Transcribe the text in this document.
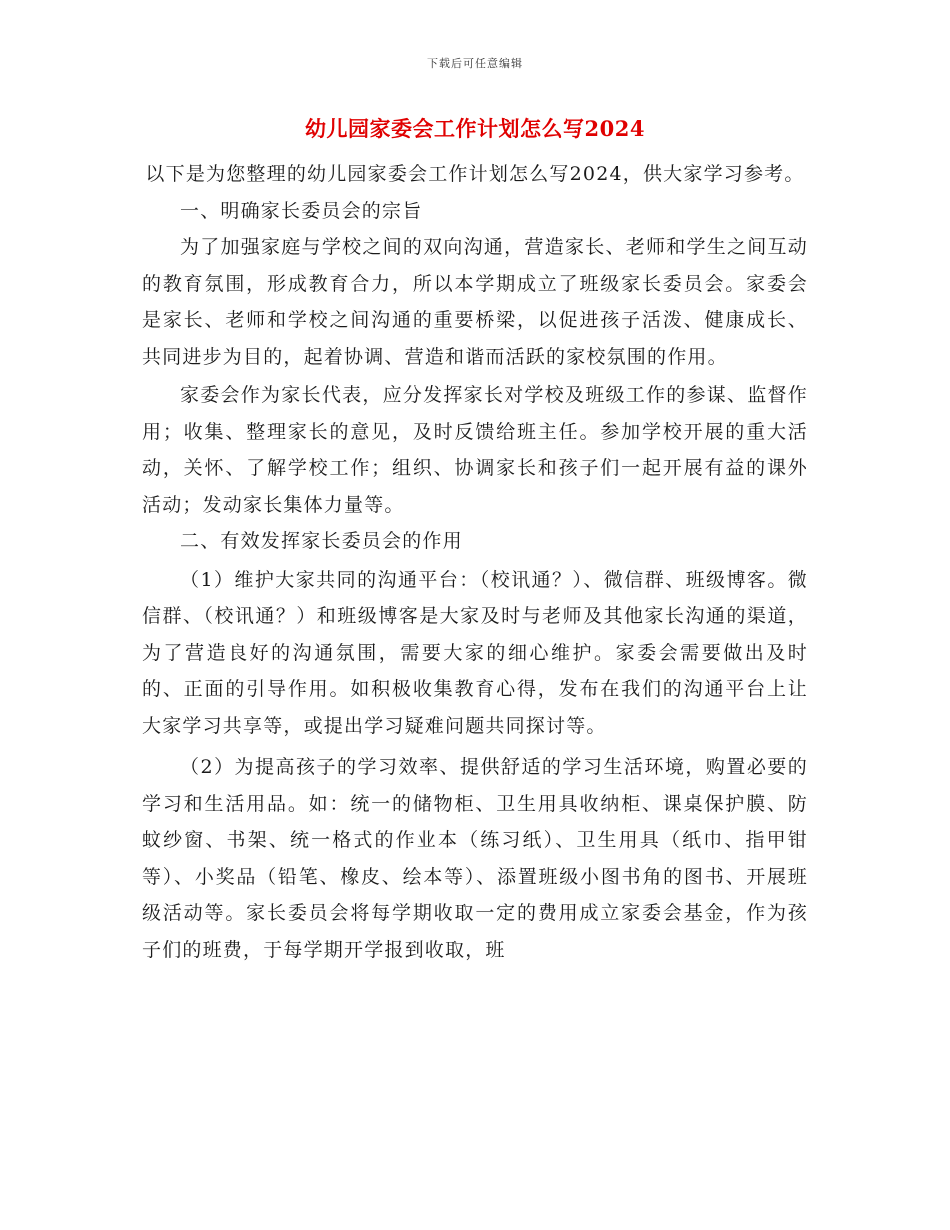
下载后可任意编辑
幼儿园家委会工作计划怎么写2024

以下是为您整理的幼儿园家委会工作计划怎么写2024，供大家学习参考。

一、明确家长委员会的宗旨

为了加强家庭与学校之间的双向沟通，营造家长、老师和学生之间互动的教育氛围，形成教育合力，所以本学期成立了班级家长委员会。家委会是家长、老师和学校之间沟通的重要桥梁，以促进孩子活泼、健康成长、共同进步为目的，起着协调、营造和谐而活跃的家校氛围的作用。

家委会作为家长代表，应分发挥家长对学校及班级工作的参谋、监督作用；收集、整理家长的意见，及时反馈给班主任。参加学校开展的重大活动，关怀、了解学校工作；组织、协调家长和孩子们一起开展有益的课外活动；发动家长集体力量等。

二、有效发挥家长委员会的作用

（1）维护大家共同的沟通平台：（校讯通？）、微信群、班级博客。微信群、（校讯通？）和班级博客是大家及时与老师及其他家长沟通的渠道，为了营造良好的沟通氛围，需要大家的细心维护。家委会需要做出及时的、正面的引导作用。如积极收集教育心得，发布在我们的沟通平台上让大家学习共享等，或提出学习疑难问题共同探讨等。

（2）为提高孩子的学习效率、提供舒适的学习生活环境，购置必要的学习和生活用品。如：统一的储物柜、卫生用具收纳柜、课桌保护膜、防蚊纱窗、书架、统一格式的作业本（练习纸）、卫生用具（纸巾、指甲钳等）、小奖品（铅笔、橡皮、绘本等）、添置班级小图书角的图书、开展班级活动等。家长委员会将每学期收取一定的费用成立家委会基金，作为孩子们的班费，于每学期开学报到收取，班
